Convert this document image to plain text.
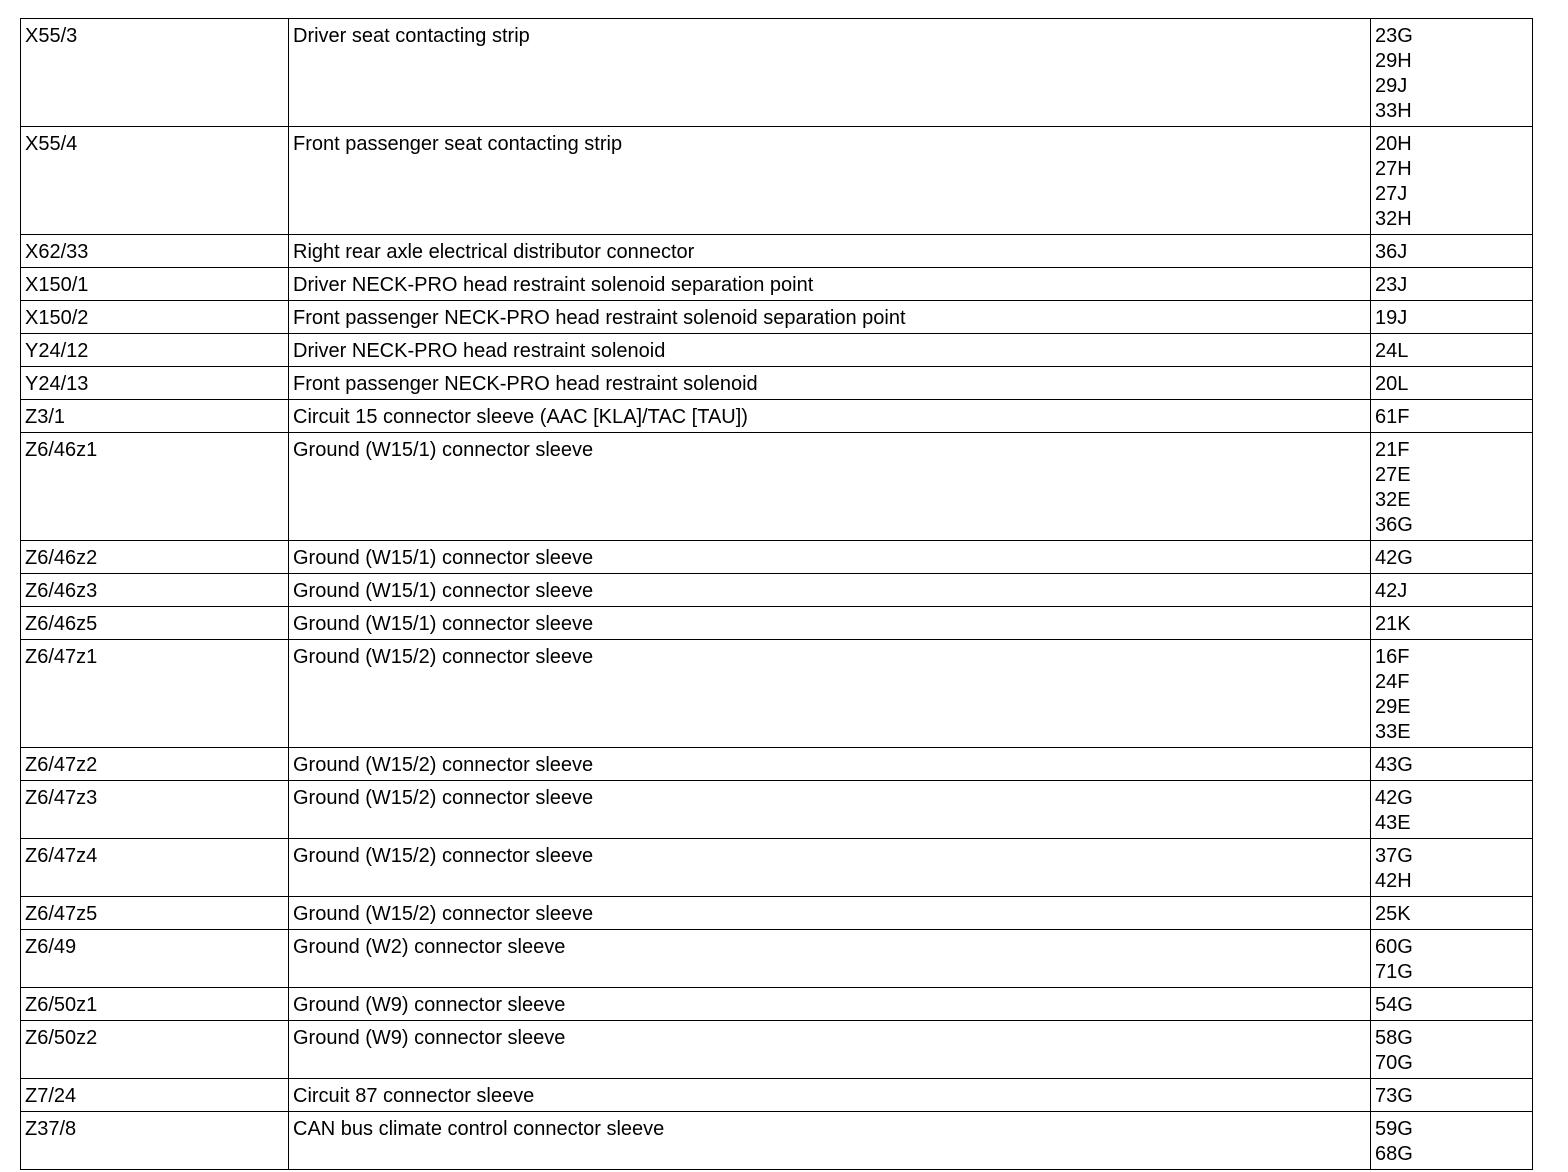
X55/3	Driver seat contacting strip	23G
29H
29J
33H

X55/4	Front passenger seat contacting strip	20H
27H
27J
32H

X62/33	Right rear axle electrical distributor connector	36J

X150/1	Driver NECK-PRO head restraint solenoid separation point	23J

X150/2	Front passenger NECK-PRO head restraint solenoid separation point	19J

Y24/12	Driver NECK-PRO head restraint solenoid	24L

Y24/13	Front passenger NECK-PRO head restraint solenoid	20L

Z3/1	Circuit 15 connector sleeve (AAC [KLA]/TAC [TAU])	61F

Z6/46z1	Ground (W15/1) connector sleeve	21F
27E
32E
36G

Z6/46z2	Ground (W15/1) connector sleeve	42G

Z6/46z3	Ground (W15/1) connector sleeve	42J

Z6/46z5	Ground (W15/1) connector sleeve	21K

Z6/47z1	Ground (W15/2) connector sleeve	16F
24F
29E
33E

Z6/47z2	Ground (W15/2) connector sleeve	43G

Z6/47z3	Ground (W15/2) connector sleeve	42G
43E

Z6/47z4	Ground (W15/2) connector sleeve	37G
42H

Z6/47z5	Ground (W15/2) connector sleeve	25K

Z6/49	Ground (W2) connector sleeve	60G
71G

Z6/50z1	Ground (W9) connector sleeve	54G

Z6/50z2	Ground (W9) connector sleeve	58G
70G

Z7/24	Circuit 87 connector sleeve	73G

Z37/8	CAN bus climate control connector sleeve	59G
68G
